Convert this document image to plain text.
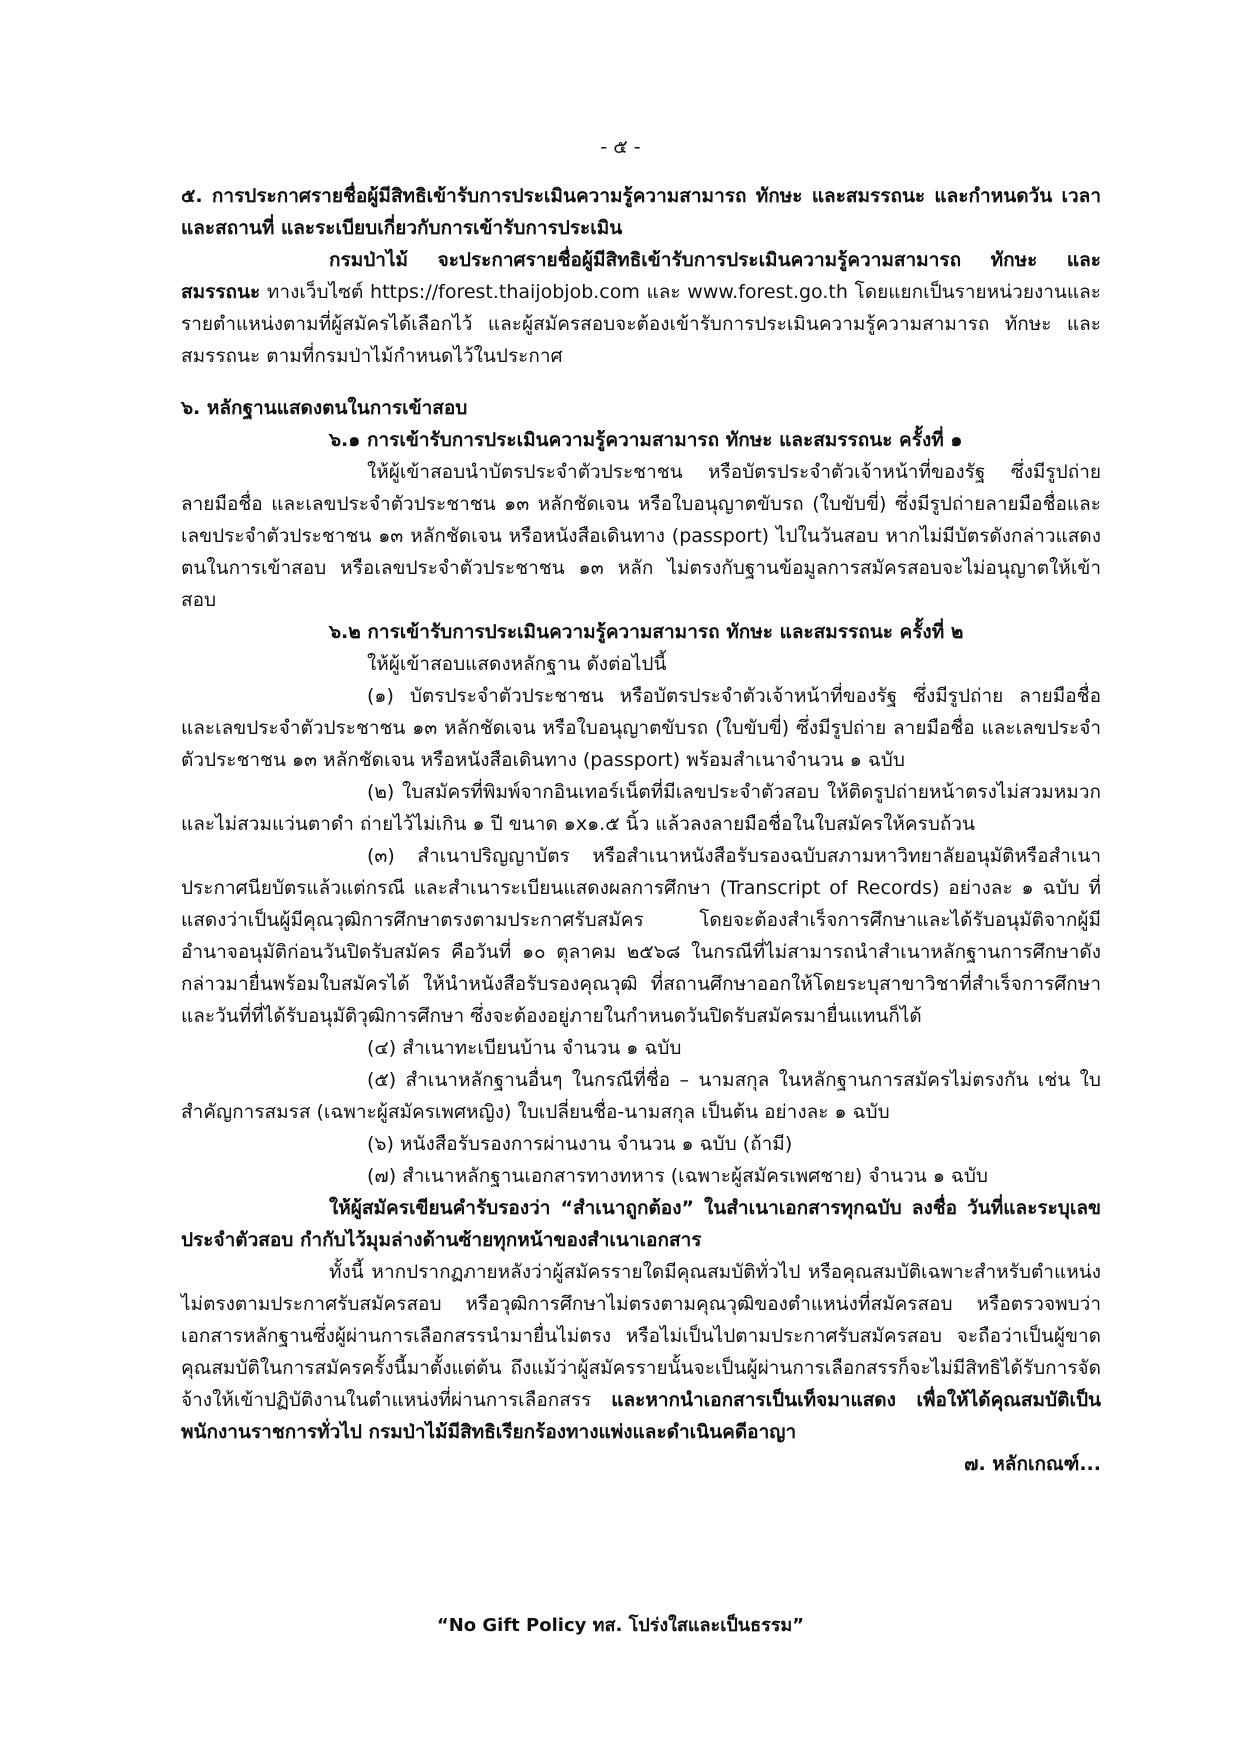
- ๕ -

๕. การประกาศรายชื่อผู้มีสิทธิเข้ารับการประเมินความรู้ความสามารถ ทักษะ และสมรรถนะ และกำหนดวัน เวลา และสถานที่ และระเบียบเกี่ยวกับการเข้ารับการประเมิน

กรมป่าไม้ จะประกาศรายชื่อผู้มีสิทธิเข้ารับการประเมินความรู้ความสามารถ ทักษะ และสมรรถนะ ทางเว็บไซต์ https://forest.thaijobjob.com และ www.forest.go.th โดยแยกเป็นรายหน่วยงานและรายตำแหน่งตามที่ผู้สมัครได้เลือกไว้ และผู้สมัครสอบจะต้องเข้ารับการประเมินความรู้ความสามารถ ทักษะ และสมรรถนะ ตามที่กรมป่าไม้กำหนดไว้ในประกาศ

๖. หลักฐานแสดงตนในการเข้าสอบ

๖.๑ การเข้ารับการประเมินความรู้ความสามารถ ทักษะ และสมรรถนะ ครั้งที่ ๑

ให้ผู้เข้าสอบนำบัตรประจำตัวประชาชน หรือบัตรประจำตัวเจ้าหน้าที่ของรัฐ ซึ่งมีรูปถ่ายลายมือชื่อ และเลขประจำตัวประชาชน ๑๓ หลักชัดเจน หรือใบอนุญาตขับรถ (ใบขับขี่) ซึ่งมีรูปถ่ายลายมือชื่อและเลขประจำตัวประชาชน ๑๓ หลักชัดเจน หรือหนังสือเดินทาง (passport) ไปในวันสอบ หากไม่มีบัตรดังกล่าวแสดงตนในการเข้าสอบ หรือเลขประจำตัวประชาชน ๑๓ หลัก ไม่ตรงกับฐานข้อมูลการสมัครสอบจะไม่อนุญาตให้เข้าสอบ

๖.๒ การเข้ารับการประเมินความรู้ความสามารถ ทักษะ และสมรรถนะ ครั้งที่ ๒

ให้ผู้เข้าสอบแสดงหลักฐาน ดังต่อไปนี้

(๑) บัตรประจำตัวประชาชน หรือบัตรประจำตัวเจ้าหน้าที่ของรัฐ ซึ่งมีรูปถ่าย ลายมือชื่อ และเลขประจำตัวประชาชน ๑๓ หลักชัดเจน หรือใบอนุญาตขับรถ (ใบขับขี่) ซึ่งมีรูปถ่าย ลายมือชื่อ และเลขประจำตัวประชาชน ๑๓ หลักชัดเจน หรือหนังสือเดินทาง (passport) พร้อมสำเนาจำนวน ๑ ฉบับ

(๒) ใบสมัครที่พิมพ์จากอินเทอร์เน็ตที่มีเลขประจำตัวสอบ ให้ติดรูปถ่ายหน้าตรงไม่สวมหมวก และไม่สวมแว่นตาดำ ถ่ายไว้ไม่เกิน ๑ ปี ขนาด ๑x๑.๕ นิ้ว แล้วลงลายมือชื่อในใบสมัครให้ครบถ้วน

(๓) สำเนาปริญญาบัตร หรือสำเนาหนังสือรับรองฉบับสภามหาวิทยาลัยอนุมัติหรือสำเนาประกาศนียบัตรแล้วแต่กรณี และสำเนาระเบียนแสดงผลการศึกษา (Transcript of Records) อย่างละ ๑ ฉบับ ที่แสดงว่าเป็นผู้มีคุณวุฒิการศึกษาตรงตามประกาศรับสมัคร โดยจะต้องสำเร็จการศึกษาและได้รับอนุมัติจากผู้มีอำนาจอนุมัติก่อนวันปิดรับสมัคร คือวันที่ ๑๐ ตุลาคม ๒๕๖๘ ในกรณีที่ไม่สามารถนำสำเนาหลักฐานการศึกษาดังกล่าวมายื่นพร้อมใบสมัครได้ ให้นำหนังสือรับรองคุณวุฒิ ที่สถานศึกษาออกให้โดยระบุสาขาวิชาที่สำเร็จการศึกษา และวันที่ที่ได้รับอนุมัติวุฒิการศึกษา ซึ่งจะต้องอยู่ภายในกำหนดวันปิดรับสมัครมายื่นแทนก็ได้

(๔) สำเนาทะเบียนบ้าน จำนวน ๑ ฉบับ

(๕) สำเนาหลักฐานอื่นๆ ในกรณีที่ชื่อ – นามสกุล ในหลักฐานการสมัครไม่ตรงกัน เช่น ใบสำคัญการสมรส (เฉพาะผู้สมัครเพศหญิง) ใบเปลี่ยนชื่อ-นามสกุล เป็นต้น อย่างละ ๑ ฉบับ

(๖) หนังสือรับรองการผ่านงาน จำนวน ๑ ฉบับ (ถ้ามี)

(๗) สำเนาหลักฐานเอกสารทางทหาร (เฉพาะผู้สมัครเพศชาย) จำนวน ๑ ฉบับ

ให้ผู้สมัครเขียนคำรับรองว่า “สำเนาถูกต้อง” ในสำเนาเอกสารทุกฉบับ ลงชื่อ วันที่และระบุเลขประจำตัวสอบ กำกับไว้มุมล่างด้านซ้ายทุกหน้าของสำเนาเอกสาร

ทั้งนี้ หากปรากฏภายหลังว่าผู้สมัครรายใดมีคุณสมบัติทั่วไป หรือคุณสมบัติเฉพาะสำหรับตำแหน่งไม่ตรงตามประกาศรับสมัครสอบ หรือวุฒิการศึกษาไม่ตรงตามคุณวุฒิของตำแหน่งที่สมัครสอบ หรือตรวจพบว่าเอกสารหลักฐานซึ่งผู้ผ่านการเลือกสรรนำมายื่นไม่ตรง หรือไม่เป็นไปตามประกาศรับสมัครสอบ จะถือว่าเป็นผู้ขาดคุณสมบัติในการสมัครครั้งนี้มาตั้งแต่ต้น ถึงแม้ว่าผู้สมัครรายนั้นจะเป็นผู้ผ่านการเลือกสรรก็จะไม่มีสิทธิได้รับการจัดจ้างให้เข้าปฏิบัติงานในตำแหน่งที่ผ่านการเลือกสรร และหากนำเอกสารเป็นเท็จมาแสดง เพื่อให้ได้คุณสมบัติเป็นพนักงานราชการทั่วไป กรมป่าไม้มีสิทธิเรียกร้องทางแพ่งและดำเนินคดีอาญา

๗. หลักเกณฑ์...

“No Gift Policy ทส. โปร่งใสและเป็นธรรม”
